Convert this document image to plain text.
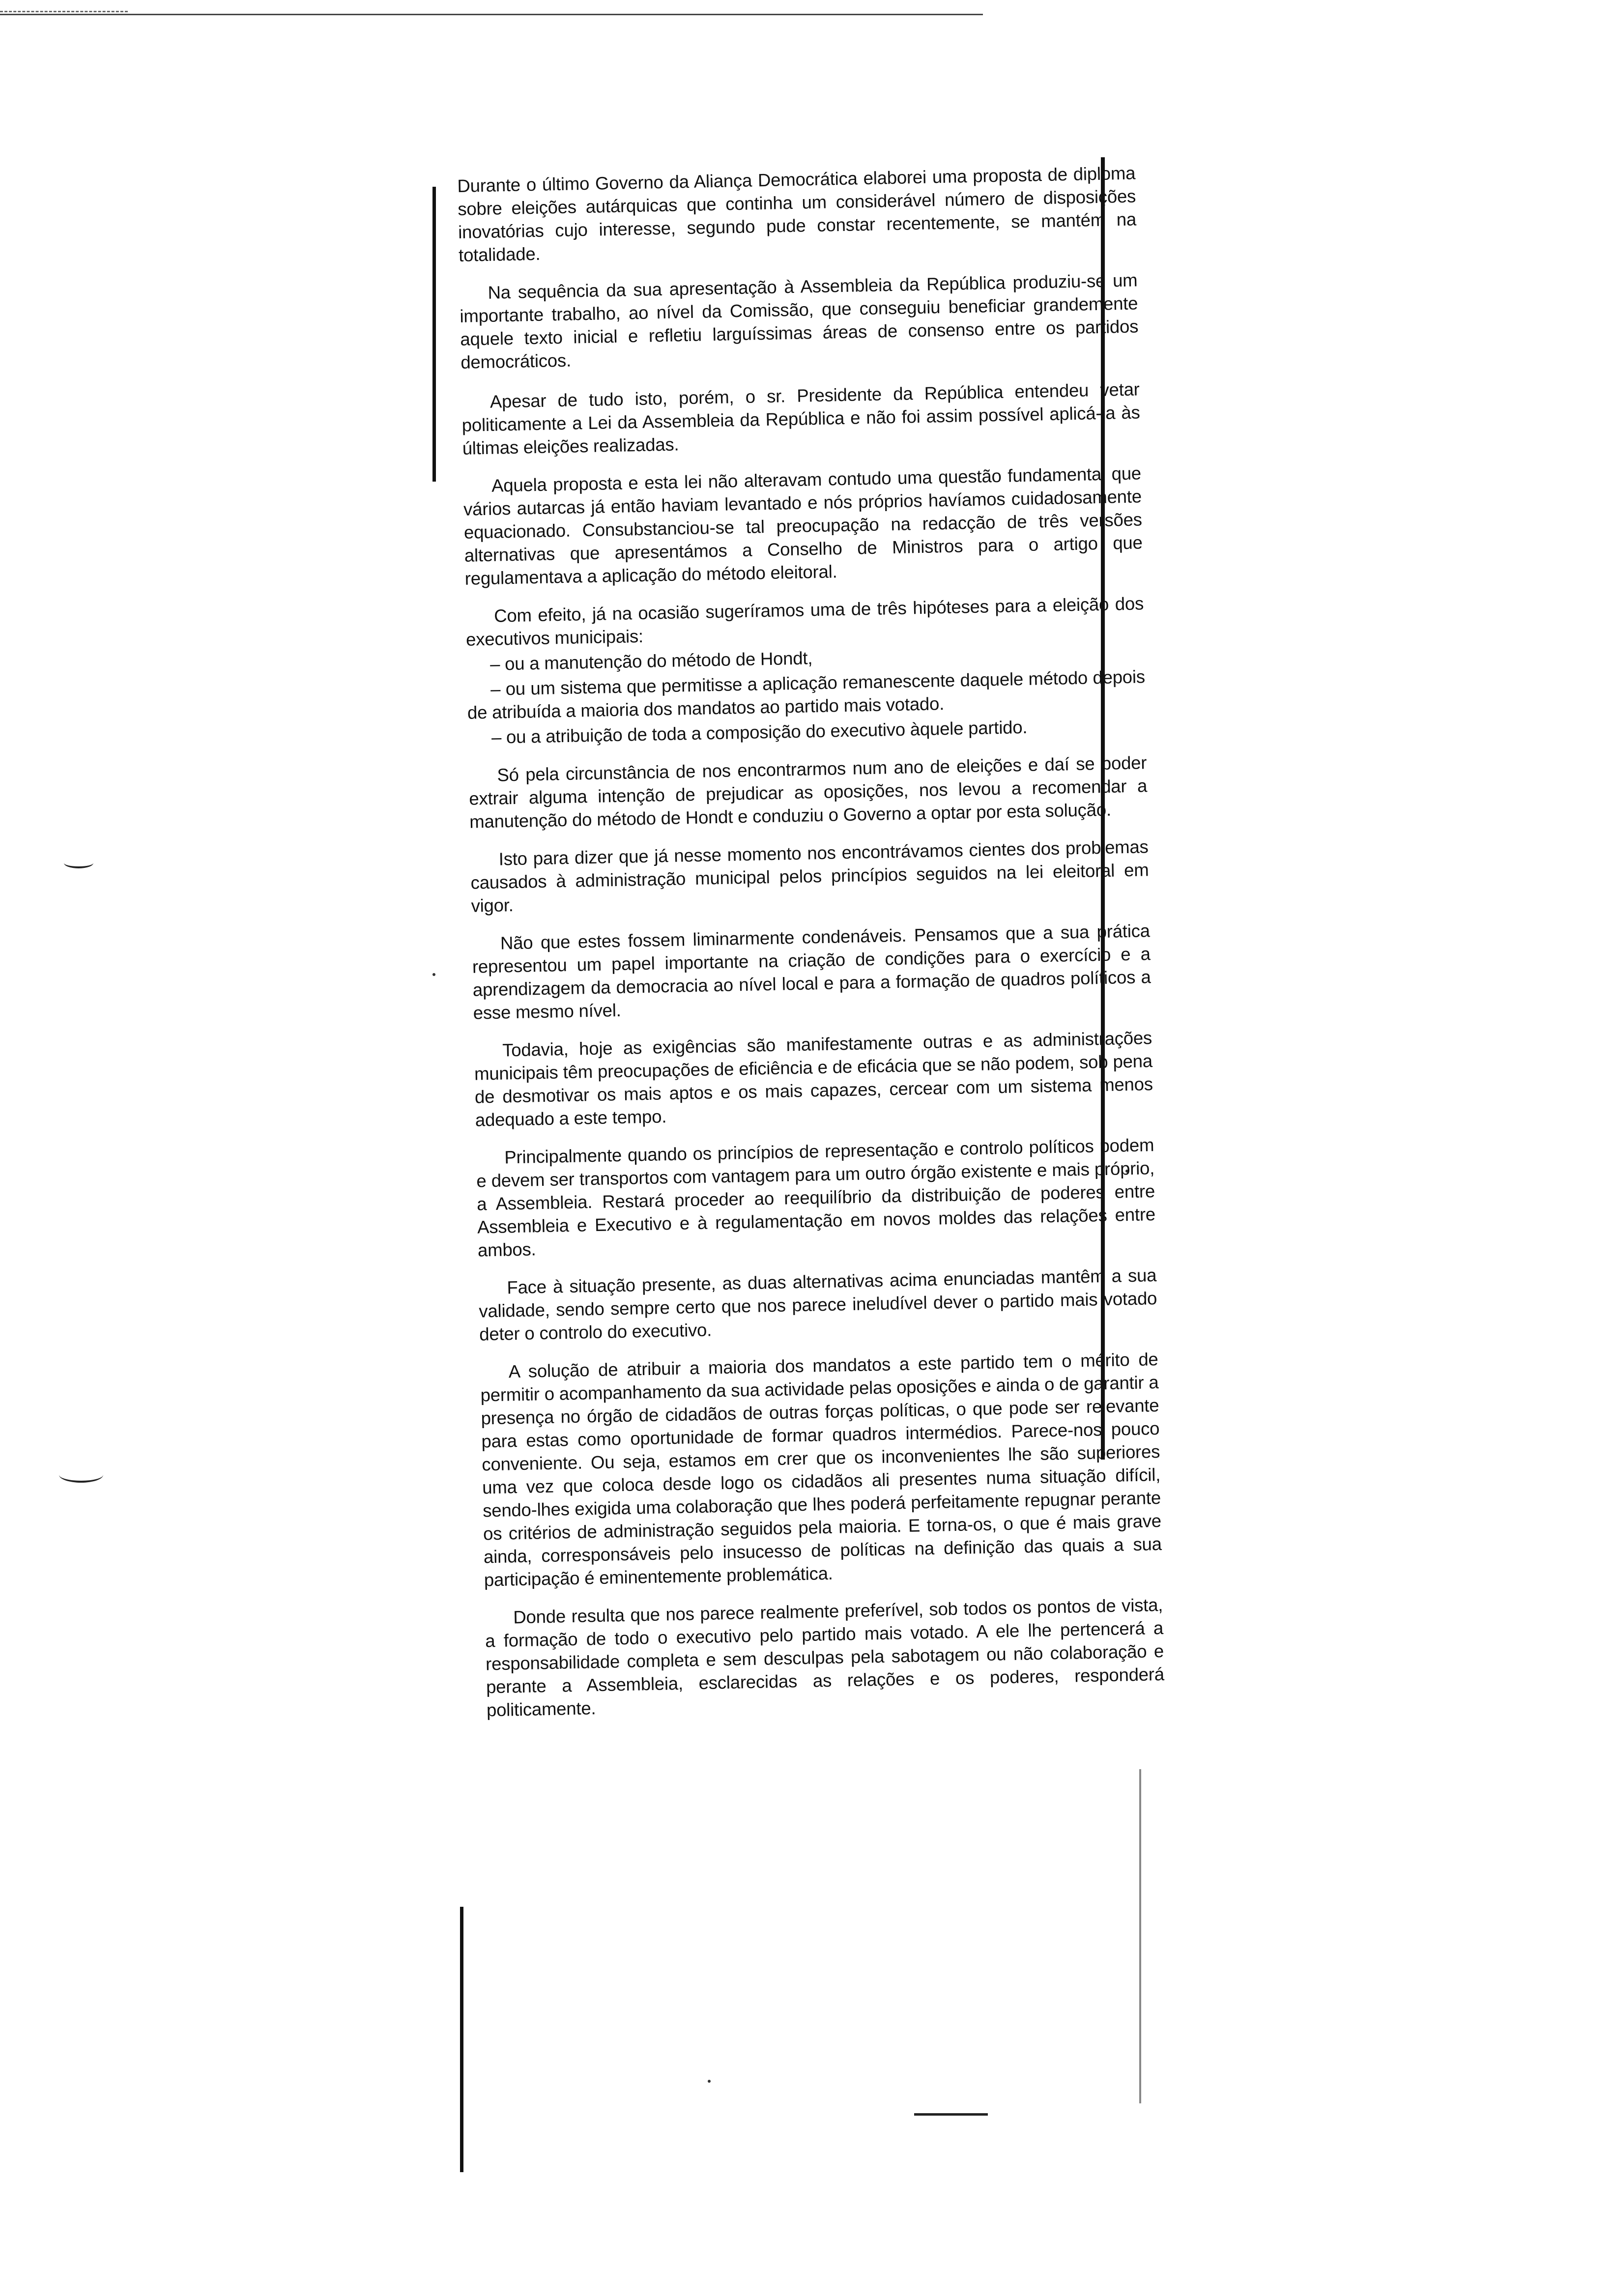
Durante o último Governo da Aliança Democrática elaborei uma proposta de diploma sobre eleições autárquicas que continha um considerável número de disposições inovatórias cujo interesse, segundo pude constar recentemente, se mantém na totalidade.

Na sequência da sua apresentação à Assembleia da República produziu-se um importante trabalho, ao nível da Comissão, que conseguiu beneficiar grandemente aquele texto inicial e refletiu larguíssimas áreas de consenso entre os partidos democráticos.

Apesar de tudo isto, porém, o sr. Presidente da República entendeu vetar politicamente a Lei da Assembleia da República e não foi assim possível aplicá-la às últimas eleições realizadas.

Aquela proposta e esta lei não alteravam contudo uma questão fundamental que vários autarcas já então haviam levantado e nós próprios havíamos cuidadosamente equacionado. Consubstanciou-se tal preocupação na redacção de três versões alternativas que apresentámos a Conselho de Ministros para o artigo que regulamentava a aplicação do método eleitoral.

Com efeito, já na ocasião sugeríramos uma de três hipóteses para a eleição dos executivos municipais:

– ou a manutenção do método de Hondt,

– ou um sistema que permitisse a aplicação remanescente daquele método depois de atribuída a maioria dos mandatos ao partido mais votado.

– ou a atribuição de toda a composição do executivo àquele partido.

Só pela circunstância de nos encontrarmos num ano de eleições e daí se poder extrair alguma intenção de prejudicar as oposições, nos levou a recomendar a manutenção do método de Hondt e conduziu o Governo a optar por esta solução.

Isto para dizer que já nesse momento nos encontrávamos cientes dos problemas causados à administração municipal pelos princípios seguidos na lei eleitoral em vigor.

Não que estes fossem liminarmente condenáveis. Pensamos que a sua prática representou um papel importante na criação de condições para o exercício e a aprendizagem da democracia ao nível local e para a formação de quadros políticos a esse mesmo nível.

Todavia, hoje as exigências são manifestamente outras e as administrações municipais têm preocupações de eficiência e de eficácia que se não podem, sob pena de desmotivar os mais aptos e os mais capazes, cercear com um sistema menos adequado a este tempo.

Principalmente quando os princípios de representação e controlo políticos podem e devem ser transportos com vantagem para um outro órgão existente e mais próprio, a Assembleia. Restará proceder ao reequilíbrio da distribuição de poderes entre Assembleia e Executivo e à regulamentação em novos moldes das relações entre ambos.

Face à situação presente, as duas alternativas acima enunciadas mantêm a sua validade, sendo sempre certo que nos parece ineludível dever o partido mais votado deter o controlo do executivo.

A solução de atribuir a maioria dos mandatos a este partido tem o mérito de permitir o acompanhamento da sua actividade pelas oposições e ainda o de garantir a presença no órgão de cidadãos de outras forças políticas, o que pode ser relevante para estas como oportunidade de formar quadros intermédios. Parece-nos pouco conveniente. Ou seja, estamos em crer que os inconvenientes lhe são superiores uma vez que coloca desde logo os cidadãos ali presentes numa situação difícil, sendo-lhes exigida uma colaboração que lhes poderá perfeitamente repugnar perante os critérios de administração seguidos pela maioria. E torna-os, o que é mais grave ainda, corresponsáveis pelo insucesso de políticas na definição das quais a sua participação é eminentemente problemática.

Donde resulta que nos parece realmente preferível, sob todos os pontos de vista, a formação de todo o executivo pelo partido mais votado. A ele lhe pertencerá a responsabilidade completa e sem desculpas pela sabotagem ou não colaboração e perante a Assembleia, esclarecidas as relações e os poderes, responderá politicamente.
